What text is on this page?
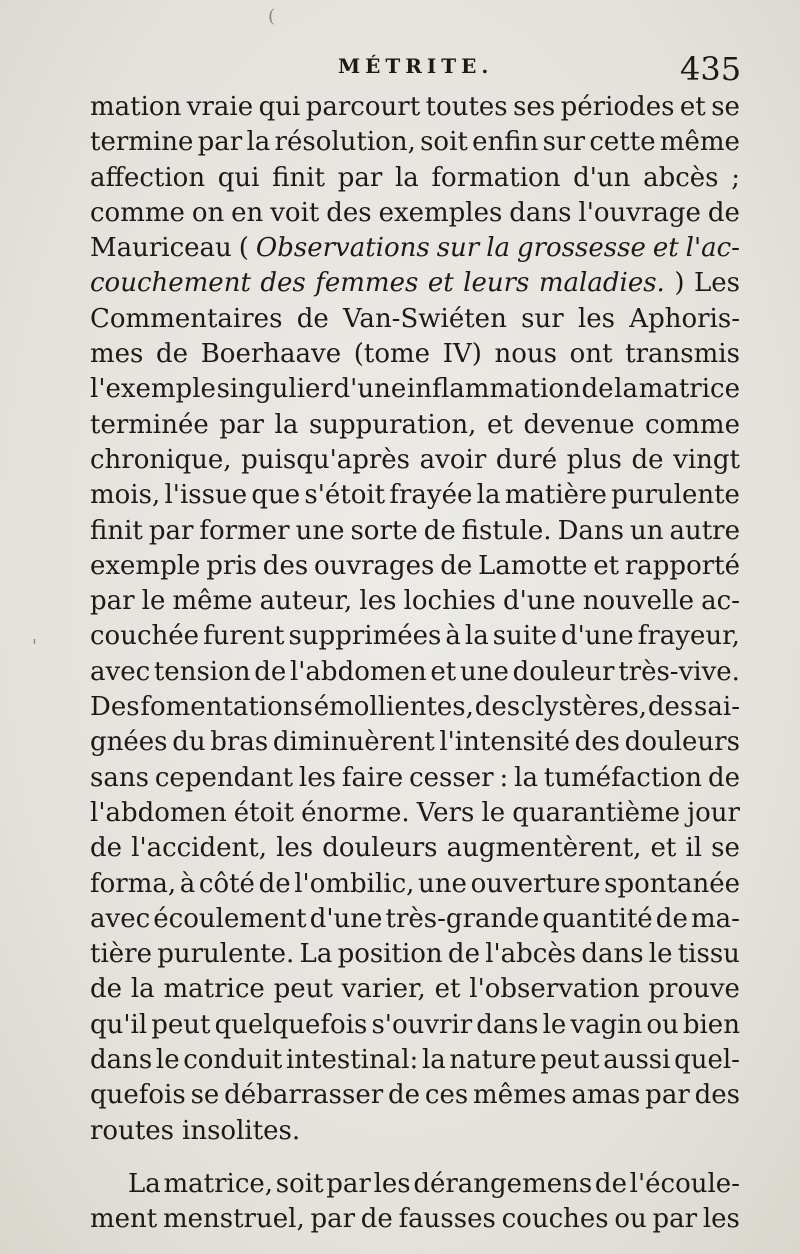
MÉTRITE.	435
(
'
mation vraie qui parcourt toutes ses périodes et se
termine par la résolution, soit enfin sur cette même
affection qui finit par la formation d'un abcès ;
comme on en voit des exemples dans l'ouvrage de
Mauriceau ( Observations sur la grossesse et l'ac-
couchement des femmes et leurs maladies. ) Les
Commentaires de Van-Swiéten sur les Aphoris-
mes de Boerhaave (tome IV) nous ont transmis
l'exemple singulier d'une inflammation de la matrice
terminée par la suppuration, et devenue comme
chronique, puisqu'après avoir duré plus de vingt
mois, l'issue que s'étoit frayée la matière purulente
finit par former une sorte de fistule. Dans un autre
exemple pris des ouvrages de Lamotte et rapporté
par le même auteur, les lochies d'une nouvelle ac-
couchée furent supprimées à la suite d'une frayeur,
avec tension de l'abdomen et une douleur très-vive.
Des fomentations émollientes, des clystères, des sai-
gnées du bras diminuèrent l'intensité des douleurs
sans cependant les faire cesser : la tuméfaction de
l'abdomen étoit énorme. Vers le quarantième jour
de l'accident, les douleurs augmentèrent, et il se
forma, à côté de l'ombilic, une ouverture spontanée
avec écoulement d'une très-grande quantité de ma-
tière purulente. La position de l'abcès dans le tissu
de la matrice peut varier, et l'observation prouve
qu'il peut quelquefois s'ouvrir dans le vagin ou bien
dans le conduit intestinal: la nature peut aussi quel-
quefois se débarrasser de ces mêmes amas par des
routes insolites.
La matrice, soit par les dérangemens de l'écoule-
ment menstruel, par de fausses couches ou par les
